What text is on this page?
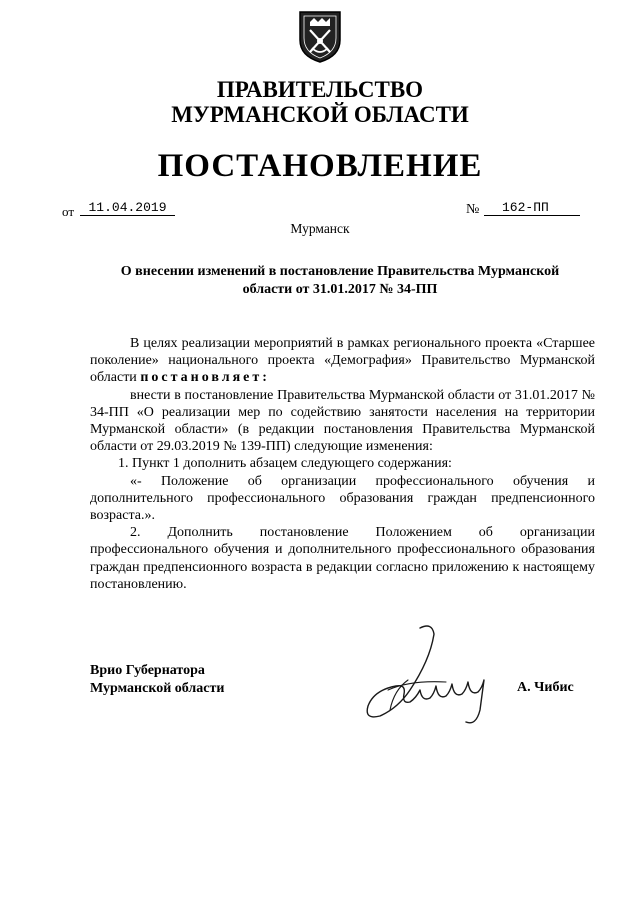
ПРАВИТЕЛЬСТВО
МУРМАНСКОЙ ОБЛАСТИ
ПОСТАНОВЛЕНИЕ
от	11.04.2019	№	162-ПП
Мурманск
О внесении изменений в постановление Правительства Мурманской
области от 31.01.2017 № 34-ПП

В целях реализации мероприятий в рамках регионального проекта «Старшее поколение» национального проекта «Демография» Правительство Мурманской области постановляет:

внести в постановление Правительства Мурманской области от 31.01.2017 № 34-ПП «О реализации мер по содействию занятости населения на территории Мурманской области» (в редакции постановления Правительства Мурманской области от 29.03.2019 № 139-ПП) следующие изменения:

1. Пункт 1 дополнить абзацем следующего содержания:

«- Положение об организации профессионального обучения и дополнительного профессионального образования граждан предпенсионного возраста.».

2. Дополнить постановление Положением об организации профессионального обучения и дополнительного профессионального образования граждан предпенсионного возраста в редакции согласно приложению к настоящему постановлению.

Врио Губернатора
Мурманской области	А. Чибис
